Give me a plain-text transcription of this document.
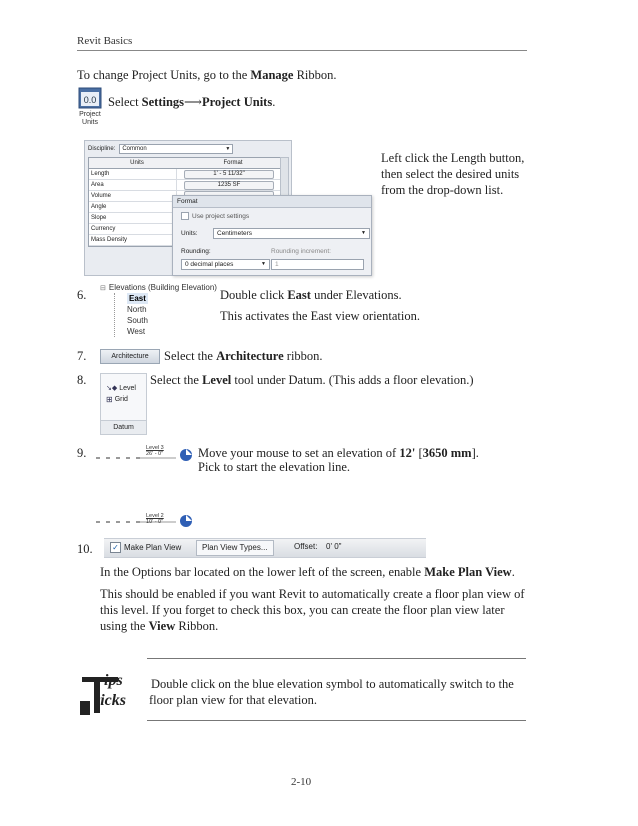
Revit Basics
To change Project Units, go to the Manage Ribbon.
0.0
Project
Units
Select Settings⟶Project Units.
Discipline:	Common	▼
Units	Format
Length	1' - 5 11/32"
Area	1235 SF
Volume
Angle
Slope
Currency
Mass Density
Format
Use project settings
Units:	Centimeters	▼
Rounding:	Rounding increment:
0 decimal places	▼	1
Left click the Length button, then select the desired units from the drop-down list.
6. ⊟ Elevations (Building Elevation)
East
North
South
West
Double click East under Elevations.
This activates the East view orientation.
7.	Architecture	Select the Architecture ribbon.
8.
↘◆ Level
⊞ Grid
Datum
Select the Level tool under Datum. (This adds a floor elevation.)
9.	Level 3
26' - 0"	Move your mouse to set an elevation of 12' [3650 mm].
Pick to start the elevation line.
Level 2
10' - 0"
10. ✓ Make Plan View	Plan View Types...	Offset: 0' 0"
In the Options bar located on the lower left of the screen, enable Make Plan View.
This should be enabled if you want Revit to automatically create a floor plan view of this level. If you forget to check this box, you can create the floor plan view later using the View Ribbon.
ips
ricks
Double click on the blue elevation symbol to automatically switch to the floor plan view for that elevation.
2-10
